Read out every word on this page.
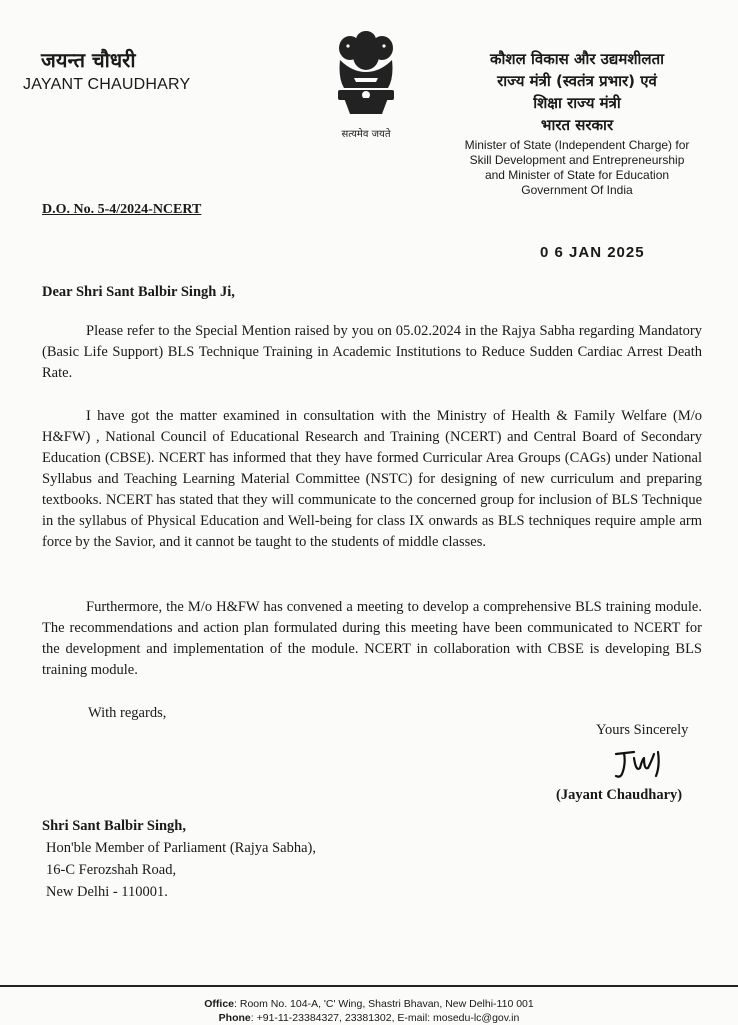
जयन्त चौधरी
JAYANT CHAUDHARY
सत्यमेव जयते
कौशल विकास और उद्यमशीलता
राज्य मंत्री (स्वतंत्र प्रभार) एवं
शिक्षा राज्य मंत्री
भारत सरकार
Minister of State (Independent Charge) for
Skill Development and Entrepreneurship
and Minister of State for Education
Government Of India
D.O. No. 5-4/2024-NCERT
0 6 JAN 2025
Dear Shri Sant Balbir Singh Ji,

Please refer to the Special Mention raised by you on 05.02.2024 in the Rajya Sabha regarding Mandatory (Basic Life Support) BLS Technique Training in Academic Institutions to Reduce Sudden Cardiac Arrest Death Rate.

I have got the matter examined in consultation with the Ministry of Health & Family Welfare (M/o H&FW) , National Council of Educational Research and Training (NCERT) and Central Board of Secondary Education (CBSE). NCERT has informed that they have formed Curricular Area Groups (CAGs) under National Syllabus and Teaching Learning Material Committee (NSTC) for designing of new curriculum and preparing textbooks. NCERT has stated that they will communicate to the concerned group for inclusion of BLS Technique in the syllabus of Physical Education and Well-being for class IX onwards as BLS techniques require ample arm force by the Savior, and it cannot be taught to the students of middle classes.

Furthermore, the M/o H&FW has convened a meeting to develop a comprehensive BLS training module. The recommendations and action plan formulated during this meeting have been communicated to NCERT for the development and implementation of the module. NCERT in collaboration with CBSE is developing BLS training module.

With regards,
Yours Sincerely
(Jayant Chaudhary)
Shri Sant Balbir Singh,
Hon'ble Member of Parliament (Rajya Sabha),
16-C Ferozshah Road,
New Delhi - 110001.
Office: Room No. 104-A, 'C' Wing, Shastri Bhavan, New Delhi-110 001
Phone: +91-11-23384327, 23381302, E-mail: mosedu-lc@gov.in
